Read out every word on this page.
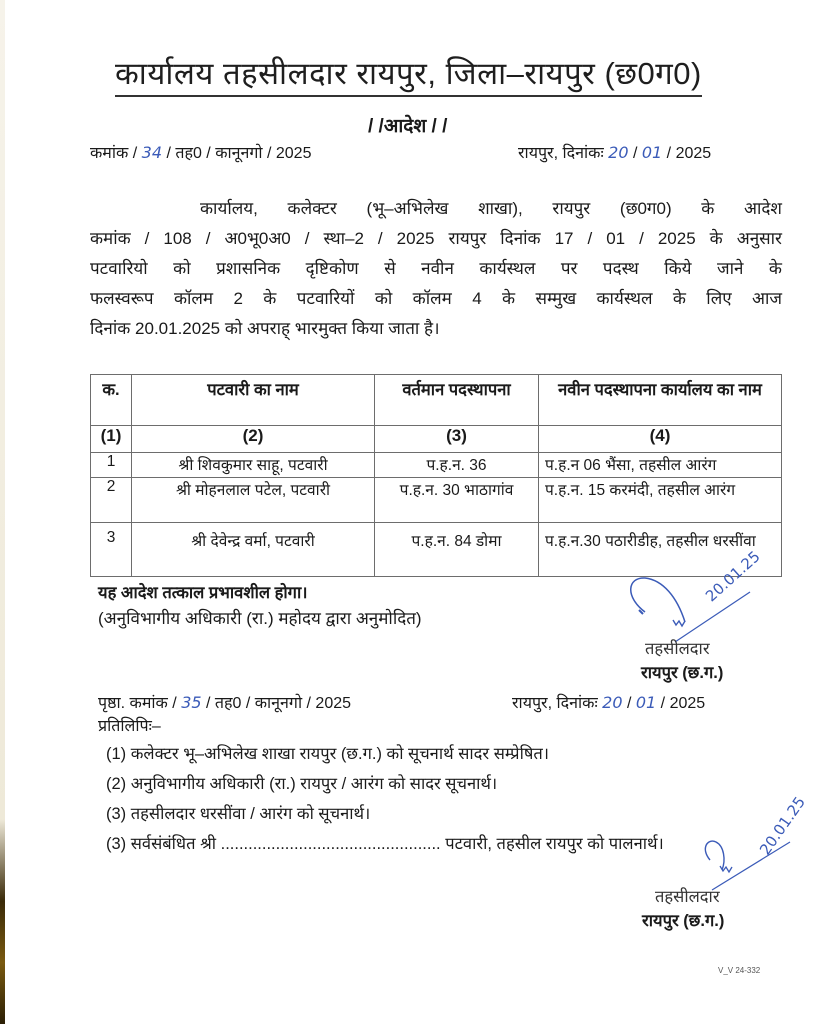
कार्यालय तहसीलदार रायपुर, जिला–रायपुर (छ0ग0)
/ /आदेश / /
कमांक / 34 / तह0 / कानूनगो / 2025	रायपुर, दिनांकः 20 / 01 / 2025
कार्यालय, कलेक्टर (भू–अभिलेख शाखा), रायपुर (छ0ग0) के आदेश
कमांक / 108 / अ0भू0अ0 / स्था–2 / 2025 रायपुर दिनांक 17 / 01 / 2025 के अनुसार
पटवारियो को प्रशासनिक दृष्टिकोण से नवीन कार्यस्थल पर पदस्थ किये जाने के
फलस्वरूप कॉलम 2 के पटवारियों को कॉलम 4 के सम्मुख कार्यस्थल के लिए आज
दिनांक 20.01.2025 को अपराह् भारमुक्त किया जाता है।
क.	पटवारी का नाम	वर्तमान पदस्थापना	नवीन पदस्थापना कार्यालय का नाम
(1)	(2)	(3)	(4)
1	श्री शिवकुमार साहू, पटवारी	प.ह.न. 36	प.ह.न 06 भैंसा, तहसील आरंग
2	श्री मोहनलाल पटेल, पटवारी	प.ह.न. 30 भाठागांव	प.ह.न. 15 करमंदी, तहसील आरंग
3	श्री देवेन्द्र वर्मा, पटवारी	प.ह.न. 84 डोमा	प.ह.न.30 पठारीडीह, तहसील धरसींवा
यह आदेश तत्काल प्रभावशील होगा।
(अनुविभागीय अधिकारी (रा.) महोदय द्वारा अनुमोदित)
20.01.25
तहसीलदार
रायपुर (छ.ग.)
पृष्ठा. कमांक / 35 / तह0 / कानूनगो / 2025	रायपुर, दिनांकः 20 / 01 / 2025
प्रतिलिपिः–
(1) कलेक्टर भू–अभिलेख शाखा रायपुर (छ.ग.) को सूचनार्थ सादर सम्प्रेषित।
(2) अनुविभागीय अधिकारी (रा.) रायपुर / आरंग को सादर सूचनार्थ।
(3) तहसीलदार धरसींवा / आरंग को सूचनार्थ।
(3) सर्वसंबंधित श्री ................................................ पटवारी, तहसील रायपुर को पालनार्थ।	20.01.25
तहसीलदार
रायपुर (छ.ग.)
V_V 24-332
